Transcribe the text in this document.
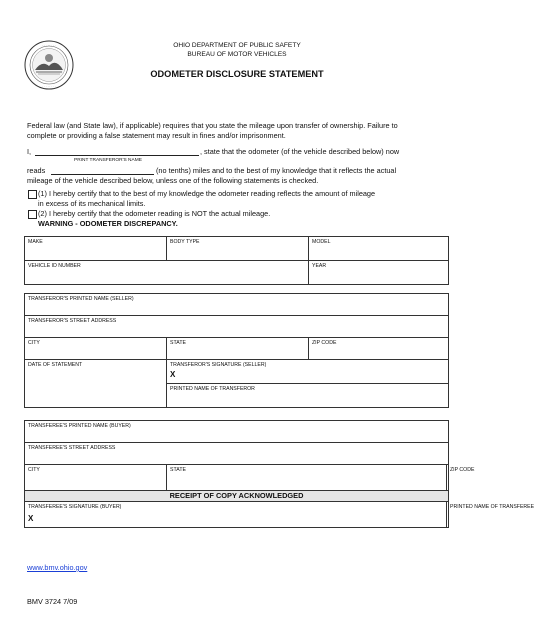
· · · · · · · ·
· · · · · · · ·
OHIO DEPARTMENT OF PUBLIC SAFETY
BUREAU OF MOTOR VEHICLES
ODOMETER DISCLOSURE STATEMENT
Federal law (and State law), if applicable) requires that you state the mileage upon transfer of ownership. Failure to
complete or providing a false statement may result in fines and/or imprisonment.
I,	, state that the odometer (of the vehicle described below) now
PRINT TRANSFEROR'S NAME
reads	(no tenths) miles and to the best of my knowledge that it reflects the actual
mileage of the vehicle described below, unless one of the following statements is checked.
(1) I hereby certify that to the best of my knowledge the odometer reading reflects the amount of mileage
in excess of its mechanical limits.
(2) I hereby certify that the odometer reading is NOT the actual mileage.
WARNING - ODOMETER DISCREPANCY.
MAKE	BODY TYPE	MODEL

VEHICLE ID NUMBER		YEAR
TRANSFEROR'S PRINTED NAME (SELLER)		

TRANSFEROR'S STREET ADDRESS		

CITY	STATE	ZIP CODE

DATE OF STATEMENT	TRANSFEROR'S SIGNATURE (SELLER)
X	

	PRINTED NAME OF TRANSFEROR	
TRANSFEREE'S PRINTED NAME (BUYER)		

TRANSFEREE'S STREET ADDRESS		

CITY	STATE	ZIP CODE

RECEIPT OF COPY ACKNOWLEDGED		

TRANSFEREE'S SIGNATURE (BUYER)
X		PRINTED NAME OF TRANSFEREE
www.bmv.ohio.gov
BMV 3724 7/09
